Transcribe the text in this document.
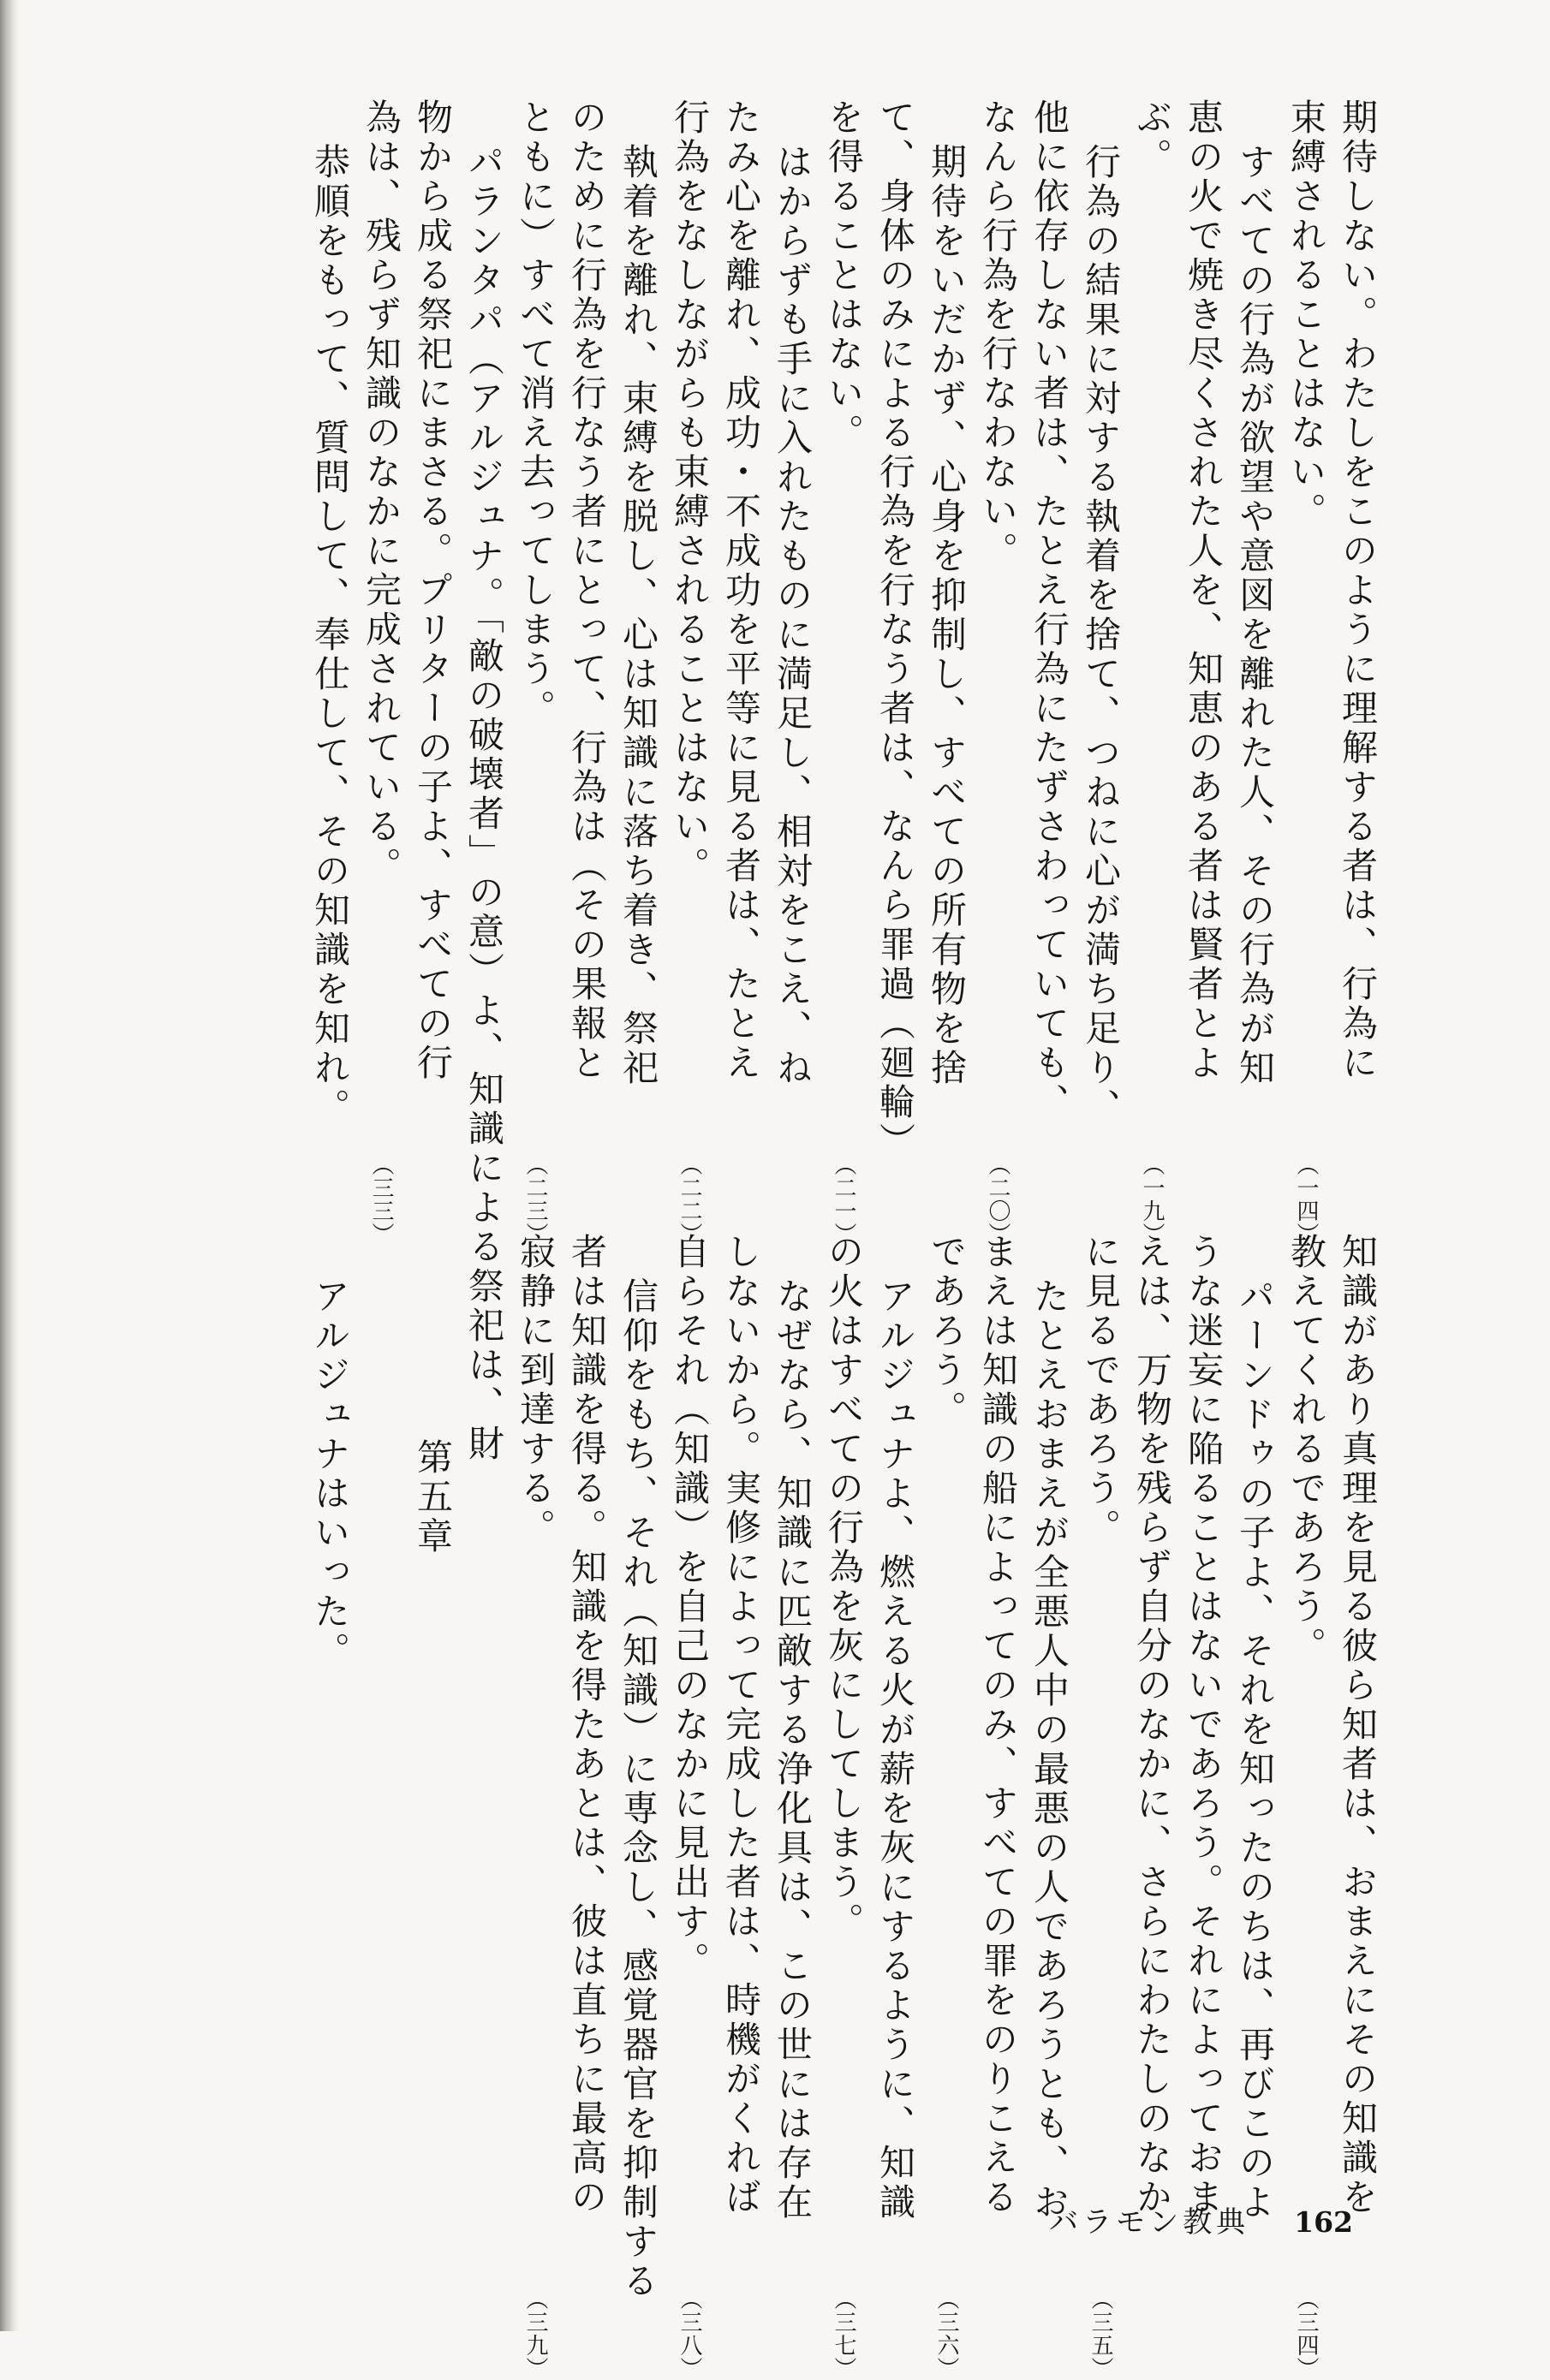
期待しない。わたしをこのように理解する者は、行為に
束縛されることはない。
（一四）
すべての行為が欲望や意図を離れた人、その行為が知
恵の火で焼き尽くされた人を、知恵のある者は賢者とよ
ぶ。
（一九）
行為の結果に対する執着を捨て、つねに心が満ち足り、
他に依存しない者は、たとえ行為にたずさわっていても、
なんら行為を行なわない。
（二〇）
期待をいだかず、心身を抑制し、すべての所有物を捨
て、身体のみによる行為を行なう者は、なんら罪過（廻輪）
を得ることはない。
（二一）
はからずも手に入れたものに満足し、相対をこえ、ね
たみ心を離れ、成功・不成功を平等に見る者は、たとえ
行為をなしながらも束縛されることはない。
（二二）
執着を離れ、束縛を脱し、心は知識に落ち着き、祭祀
のために行為を行なう者にとって、行為は（その果報と
ともに）すべて消え去ってしまう。
（二三）
パランタパ（アルジュナ。「敵の破壊者」の意）よ、知識による祭祀は、財
物から成る祭祀にまさる。プリターの子よ、すべての行
為は、残らず知識のなかに完成されている。
（三三）
恭順をもって、質問して、奉仕して、その知識を知れ。
知識があり真理を見る彼ら知者は、おまえにその知識を
教えてくれるであろう。
（三四）
パーンドゥの子よ、それを知ったのちは、再びこのよ
うな迷妄に陥ることはないであろう。それによっておま
えは、万物を残らず自分のなかに、さらにわたしのなか
に見るであろう。
（三五）
たとえおまえが全悪人中の最悪の人であろうとも、お
まえは知識の船によってのみ、すべての罪をのりこえる
であろう。
（三六）
アルジュナよ、燃える火が薪を灰にするように、知識
の火はすべての行為を灰にしてしまう。
（三七）
なぜなら、知識に匹敵する浄化具は、この世には存在
しないから。実修によって完成した者は、時機がくれば
自らそれ（知識）を自己のなかに見出す。
（三八）
信仰をもち、それ（知識）に専念し、感覚器官を抑制する
者は知識を得る。知識を得たあとは、彼は直ちに最高の
寂静に到達する。
（三九）
第五章
アルジュナはいった。
バラモン教典 162
